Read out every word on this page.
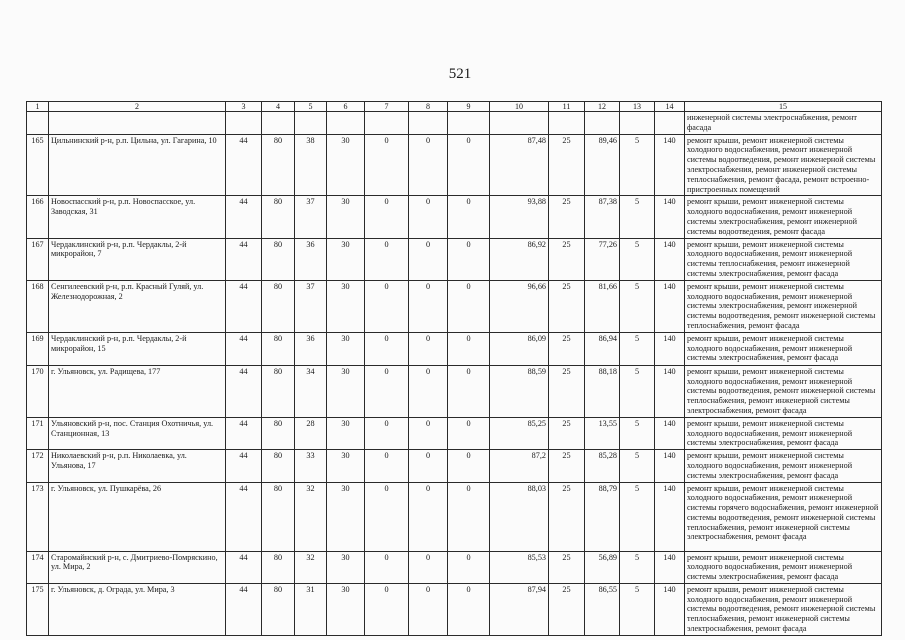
521
1	2	3	4	5	6	7	8	9	10	11	12	13	14	15
														инженерной системы электроснабжения, ремонт фасада
165	Цильнинский р-н, р.п. Цильна, ул. Гагарина, 10	44	80	38	30	0	0	0	87,48	25	89,46	5	140	ремонт крыши, ремонт инженерной системы холодного водоснабжения, ремонт инженерной системы водоотведения, ремонт инженерной системы электроснабжения, ремонт инженерной системы теплоснабжения, ремонт фасада, ремонт встроенно-пристроенных помещений
166	Новоспасский р-н, р.п. Новоспасское, ул. Заводская, 31	44	80	37	30	0	0	0	93,88	25	87,38	5	140	ремонт крыши, ремонт инженерной системы холодного водоснабжения, ремонт инженерной системы электроснабжения, ремонт инженерной системы водоотведения, ремонт фасада
167	Чердаклинский р-н, р.п. Чердаклы, 2-й микрорайон, 7	44	80	36	30	0	0	0	86,92	25	77,26	5	140	ремонт крыши, ремонт инженерной системы холодного водоснабжения, ремонт инженерной системы теплоснабжения, ремонт инженерной системы электроснабжения, ремонт фасада
168	Сенгилеевский р-н, р.п. Красный Гуляй, ул. Железнодорожная, 2	44	80	37	30	0	0	0	96,66	25	81,66	5	140	ремонт крыши, ремонт инженерной системы холодного водоснабжения, ремонт инженерной системы электроснабжения, ремонт инженерной системы водоотведения, ремонт инженерной системы теплоснабжения, ремонт фасада
169	Чердаклинский р-н, р.п. Чердаклы, 2-й микрорайон, 15	44	80	36	30	0	0	0	86,09	25	86,94	5	140	ремонт крыши, ремонт инженерной системы холодного водоснабжения, ремонт инженерной системы электроснабжения, ремонт фасада
170	г. Ульяновск, ул. Радищева, 177	44	80	34	30	0	0	0	88,59	25	88,18	5	140	ремонт крыши, ремонт инженерной системы холодного водоснабжения, ремонт инженерной системы водоотведения, ремонт инженерной системы теплоснабжения, ремонт инженерной системы электроснабжения, ремонт фасада
171	Ульяновский р-н, пос. Станция Охотничья, ул. Станционная, 13	44	80	28	30	0	0	0	85,25	25	13,55	5	140	ремонт крыши, ремонт инженерной системы холодного водоснабжения, ремонт инженерной системы электроснабжения, ремонт фасада
172	Николаевский р-н, р.п. Николаевка, ул. Ульянова, 17	44	80	33	30	0	0	0	87,2	25	85,28	5	140	ремонт крыши, ремонт инженерной системы холодного водоснабжения, ремонт инженерной системы электроснабжения, ремонт фасада
173	г. Ульяновск, ул. Пушкарёва, 26	44	80	32	30	0	0	0	88,03	25	88,79	5	140	ремонт крыши, ремонт инженерной системы холодного водоснабжения, ремонт инженерной системы горячего водоснабжения, ремонт инженерной системы водоотведения, ремонт инженерной системы теплоснабжения, ремонт инженерной системы электроснабжения, ремонт фасада
174	Старомайнский р-н, с. Дмитриево-Помряскино, ул. Мира, 2	44	80	32	30	0	0	0	85,53	25	56,89	5	140	ремонт крыши, ремонт инженерной системы холодного водоснабжения, ремонт инженерной системы электроснабжения, ремонт фасада
175	г. Ульяновск, д. Ограда, ул. Мира, 3	44	80	31	30	0	0	0	87,94	25	86,55	5	140	ремонт крыши, ремонт инженерной системы холодного водоснабжения, ремонт инженерной системы водоотведения, ремонт инженерной системы теплоснабжения, ремонт инженерной системы электроснабжения, ремонт фасада
